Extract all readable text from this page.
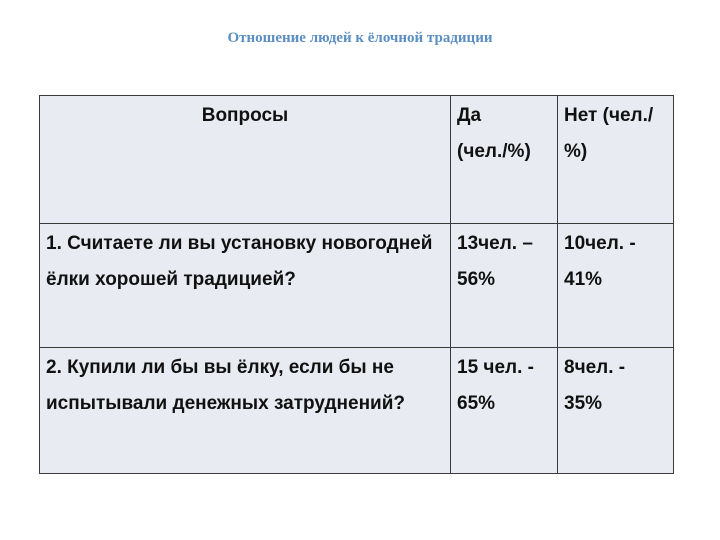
Отношение людей к ёлочной традиции
Вопросы	Да (чел./%)	Нет (чел./ %)
1. Считаете ли вы установку новогодней ёлки хорошей традицией?	13чел. – 56%	10чел. - 41%
2. Купили ли бы вы ёлку, если бы не испытывали денежных затруднений?	15 чел. - 65%	8чел. - 35%
